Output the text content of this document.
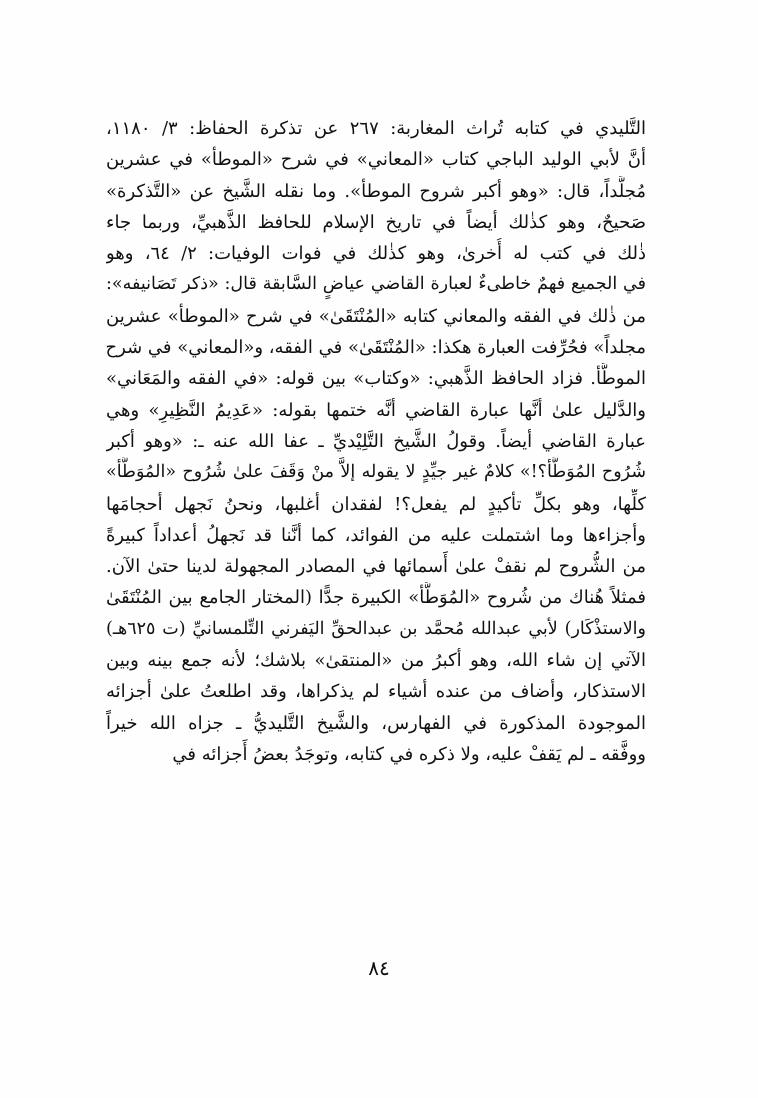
التَّليدي في كتابه تُراث المغاربة: ٢٦٧ عن تذكرة الحفاظ: ٣/ ١١٨٠،
أنَّ لأبي الوليد الباجي كتاب «المعاني» في شرح «الموطأ» في عشرين
مُجلَّداً، قال: «وهو أكبر شروح الموطأ». وما نقله الشَّيخ عن «التَّذكرة»
صَحيحٌ، وهو كذٰلك أيضاً في تاريخ الإسلام للحافظ الذَّهبيِّ، وربما جاء
ذٰلك في كتب له أُخرىٰ، وهو كذٰلك في فوات الوفيات: ٢/ ٦٤، وهو
في الجميع فهمٌ خاطىءٌ لعبارة القاضي عياضٍ السَّابقة قال: «ذكر تَصَانيفه»:
من ذٰلك في الفقه والمعاني كتابه «المُنْتَقَىٰ» في شرح «الموطأ» عشرين
مجلداً» فحُرِّفت العبارة هكذا: «المُنْتَقَىٰ» في الفقه، و«المعاني» في شرح
الموطَّأ. فزاد الحافظ الذَّهبي: «وكتاب» بين قوله: «في الفقه والمَعَاني»
والدَّليل علىٰ أنَّها عبارة القاضي أنَّه ختمها بقوله: «عَدِيمُ النَّظِيرِ» وهي
عبارة القاضي أيضاً. وقولُ الشَّيخ التَّلِيْديِّ ـ عفا الله عنه ـ: «وهو أكبر
شُرُوح المُوَطَّأ؟!» كلامٌ غير جيِّدٍ لا يقوله إلاَّ منْ وَقَفَ علىٰ شُرُوح «المُوَطَّأ»
كلِّها، وهو بكلِّ تأكيدٍ لم يفعل؟! لفقدان أغلبها، ونحنُ نَجهل أحجامَها
وأجزاءها وما اشتملت عليه من الفوائد، كما أنَّنا قد نَجهلُ أعداداً كبيرةً
من الشُّروح لم نقفْ علىٰ أَسمائها في المصادر المجهولة لدينا حتىٰ الآن.
فمثلاً هُناك من شُروح «المُوَطَّأ» الكبيرة جدًّا (المختار الجامع بين المُنْتَقَىٰ
والاستذْكَار) لأبي عبدالله مُحمَّد بن عبدالحقِّ اليَفرني التِّلمسانيِّ (ت ٦٢٥هـ)
الآتي إن شاء الله، وهو أكبرُ من «المنتقىٰ» بلاشك؛ لأنه جمع بينه وبين
الاستذكار، وأضاف من عنده أشياء لم يذكراها، وقد اطلعتُ علىٰ أجزائه
الموجودة المذكورة في الفهارس، والشَّيخ التَّليديُّ ـ جزاه الله خيراً
ووفَّقه ـ لم يَقفْ عليه، ولا ذكره في كتابه، وتوجَدُ بعضُ أَجزائه في
٨٤
